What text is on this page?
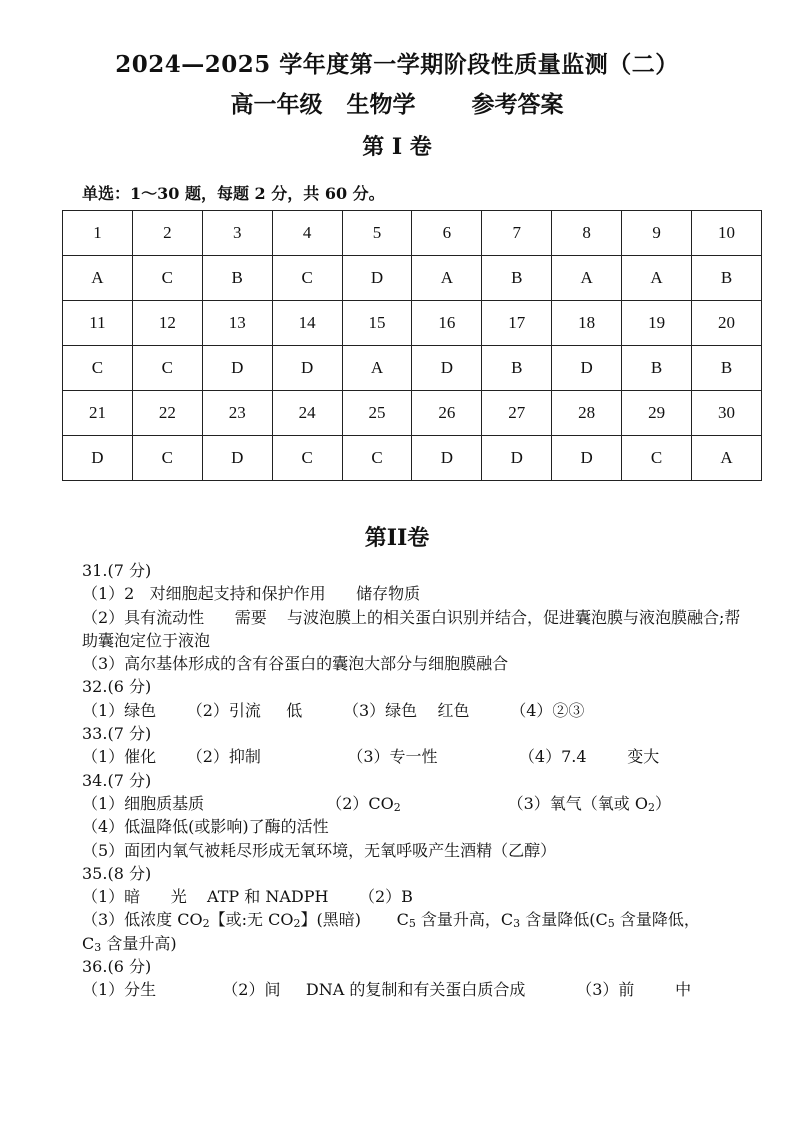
2024—2025 学年度第一学期阶段性质量监测（二）
高一年级   生物学       参考答案
第 I 卷
单选：1～30 题，每题 2 分，共 60 分。
1	2	3	4	5	6	7	8	9	10
A	C	B	C	D	A	B	A	A	B
11	12	13	14	15	16	17	18	19	20
C	C	D	D	A	D	B	D	B	B
21	22	23	24	25	26	27	28	29	30
D	C	D	C	C	D	D	D	C	A
第II卷
31.(7 分)
（1）2   对细胞起支持和保护作用      储存物质
（2）具有流动性      需要    与波泡膜上的相关蛋白识别并结合，促进囊泡膜与液泡膜融合;帮助囊泡定位于液泡
（3）高尔基体形成的含有谷蛋白的囊泡大部分与细胞膜融合
32.(6 分)
（1）绿色      （2）引流     低        （3）绿色    红色        （4）②③
33.(7 分)
（1）催化      （2）抑制                 （3）专一性                （4）7.4        变大
34.(7 分)
（1）细胞质基质                        $(2)CO_2$                     （3）氧气（氧或 $O_2$）
（4）低温降低(或影响)了酶的活性
（5）面团内氧气被耗尽形成无氧环境，无氧呼吸产生酒精（乙醇）
35.(8 分)
（1）暗      光    ATP 和 NADPH      （2）B
（3）低浓度 $CO_2$【或:无 $CO_2$】(黑暗)       $C_5$ 含量升高，$C_3$ 含量降低($C_5$ 含量降低，
$C_3$ 含量升高)
36.(6 分)
（1）分生             （2）间     DNA 的复制和有关蛋白质合成          （3）前        中
